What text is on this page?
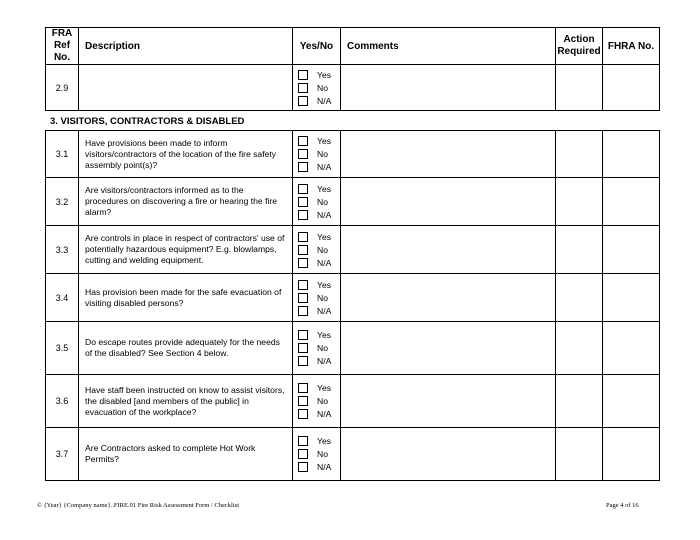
FRA Ref No.	Description	Yes/No	Comments	Action Required	FHRA No.
2.9		Yes
No
N/A			

3. VISITORS, CONTRACTORS & DISABLED
3.1	Have provisions been made to inform visitors/contractors of the location of the fire safety assembly point(s)?	Yes
No
N/A			

3.2	Are visitors/contractors informed as to the procedures on discovering a fire or hearing the fire alarm?	Yes
No
N/A			

3.3	Are controls in place in respect of contractors' use of potentially hazardous equipment? E.g. blowlamps, cutting and welding equipment.	Yes
No
N/A			

3.4	Has provision been made for the safe evacuation of visiting disabled persons?	Yes
No
N/A			

3.5	Do escape routes provide adequately for the needs of the disabled? See Section 4 below.	Yes
No
N/A			

3.6	Have staff been instructed on know to assist visitors, the disabled [and members of the public] in evacuation of the workplace?	Yes
No
N/A			

3.7	Are Contractors asked to complete Hot Work Permits?	Yes
No
N/A			

© {Year} {Company name}..FIRE.01 Fire Risk Assessment Form / Checklist	Page 4 of 16
